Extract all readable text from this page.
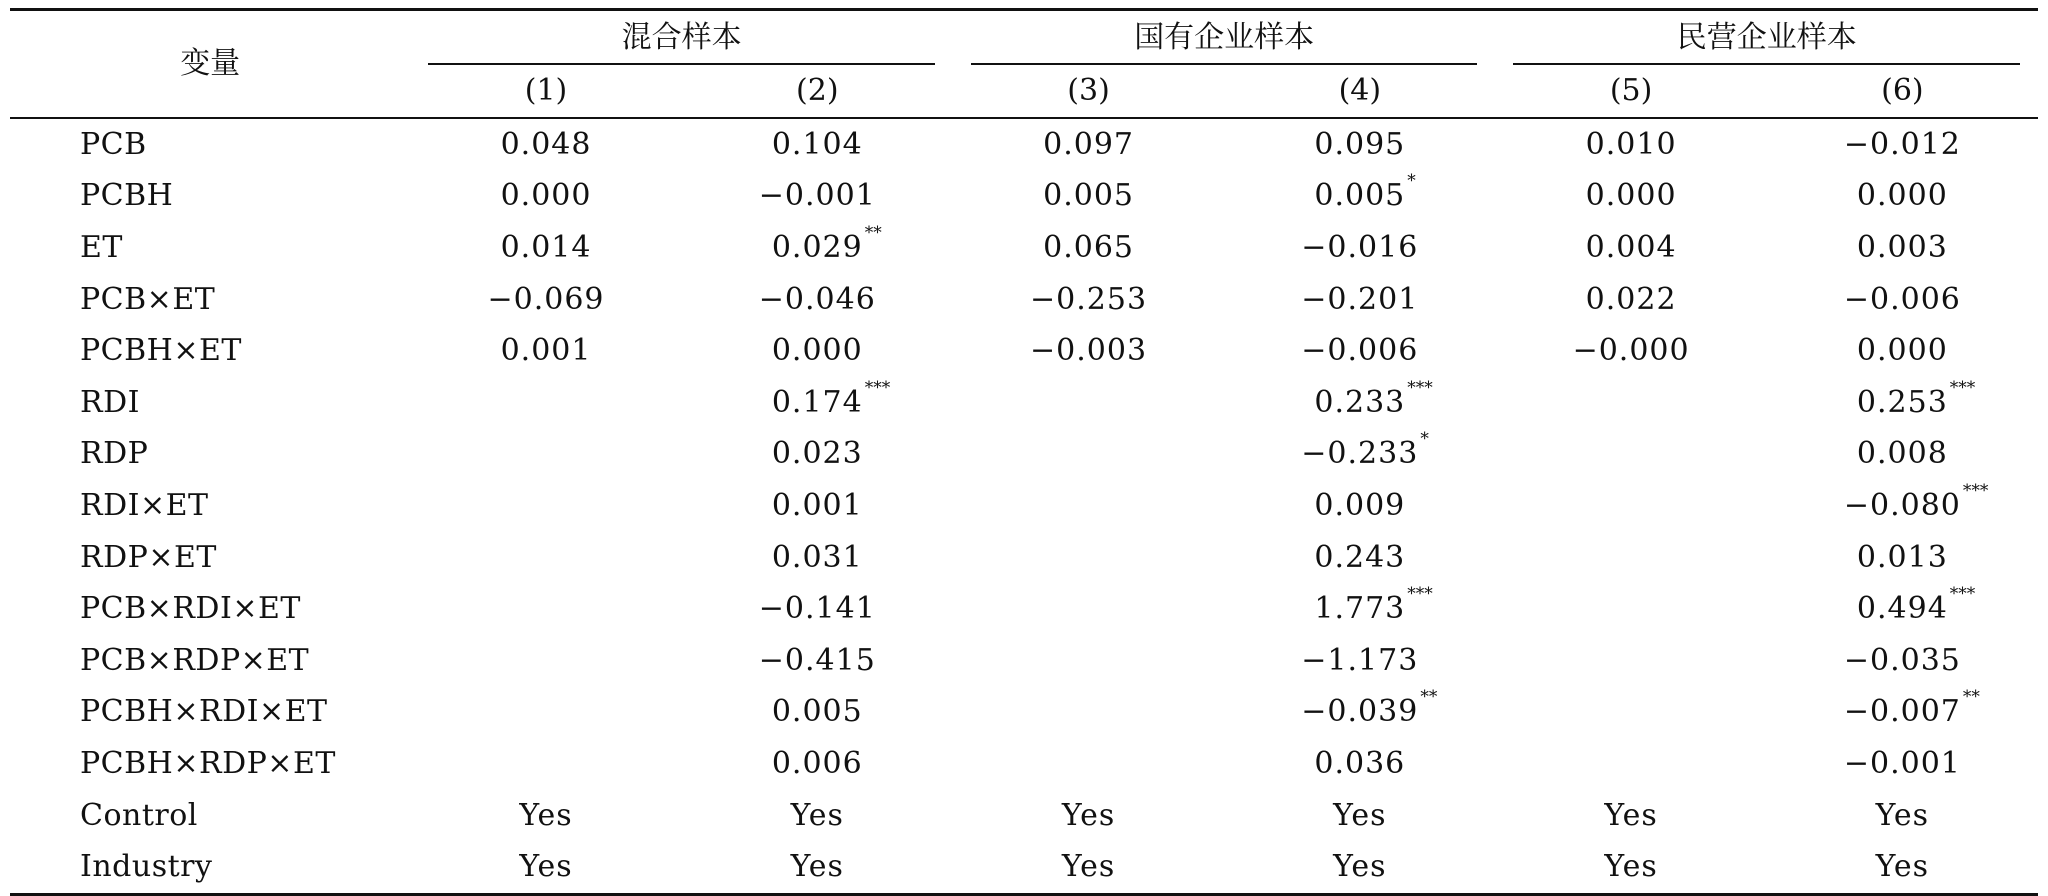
变量	混合样本		国有企业样本		民营企业样本	

	(1)	(2)	(3)	(4)	(5)	(6)
PCB	0.048	0.104	0.097	0.095	0.010	−0.012

PCBH	0.000	−0.001	0.005	0.005 *	0.000	0.000

ET	0.014	0.029 **	0.065	−0.016	0.004	0.003

PCB×ET	−0.069	−0.046	−0.253	−0.201	0.022	−0.006

PCBH×ET	0.001	0.000	−0.003	−0.006	−0.000	0.000

RDI		0.174 ***		0.233 ***		0.253 ***

RDP		0.023		−0.233 *		0.008

RDI×ET		0.001		0.009		−0.080 ***

RDP×ET		0.031		0.243		0.013

PCB×RDI×ET		−0.141		1.773 ***		0.494 ***

PCB×RDP×ET		−0.415		−1.173		−0.035

PCBH×RDI×ET		0.005		−0.039 **		−0.007 **

PCBH×RDP×ET		0.006		0.036		−0.001

Control	Yes	Yes	Yes	Yes	Yes	Yes

Industry	Yes	Yes	Yes	Yes	Yes	Yes
